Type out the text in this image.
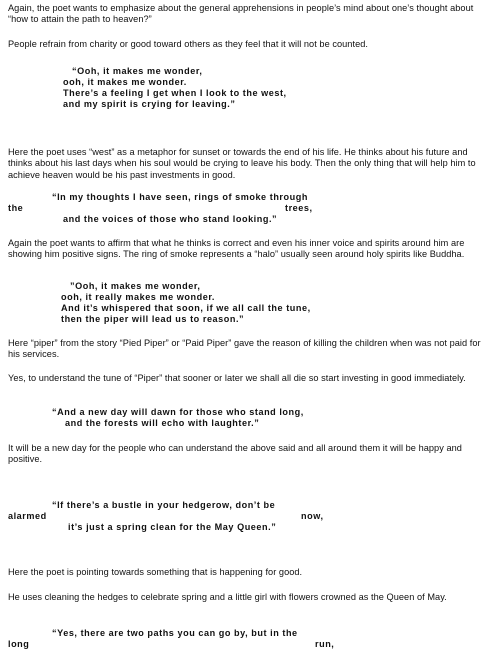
Again, the poet wants to emphasize about the general apprehensions in people’s mind about one’s thought about “how to attain the path to heaven?”

People refrain from charity or good toward others as they feel that it will not be counted.

“Ooh, it makes me wonder,

ooh, it makes me wonder.

There’s a feeling I get when I look to the west,

and my spirit is crying for leaving.”

Here the poet uses “west” as a metaphor for sunset or towards the end of his life. He thinks about his future and thinks about his last days when his soul would be crying to leave his body. Then the only thing that will help him to achieve heaven would be his past investments in good.

“In my thoughts I have seen, rings of smoke through

the	trees,

and the voices of those who stand looking.”

Again the poet wants to affirm that what he thinks is correct and even his inner voice and spirits around him are showing him positive signs. The ring of smoke represents a “halo” usually seen around holy spirits like Buddha.

”Ooh, it makes me wonder,

ooh, it really makes me wonder.

And it’s whispered that soon, if we all call the tune,

then the piper will lead us to reason.”

Here “piper” from the story “Pied Piper” or “Paid Piper” gave the reason of killing the children when was not paid for his services.

Yes, to understand the tune of “Piper” that sooner or later we shall all die so start investing in good immediately.

“And a new day will dawn for those who stand long,

and the forests will echo with laughter.”

It will be a new day for the people who can understand the above said and all around them it will be happy and positive.

“If there’s a bustle in your hedgerow, don’t be

alarmed	now,

it’s just a spring clean for the May Queen.”

Here the poet is pointing towards something that is happening for good.

He uses cleaning the hedges to celebrate spring and a little girl with flowers crowned as the Queen of May.

“Yes, there are two paths you can go by, but in the

long	run,
